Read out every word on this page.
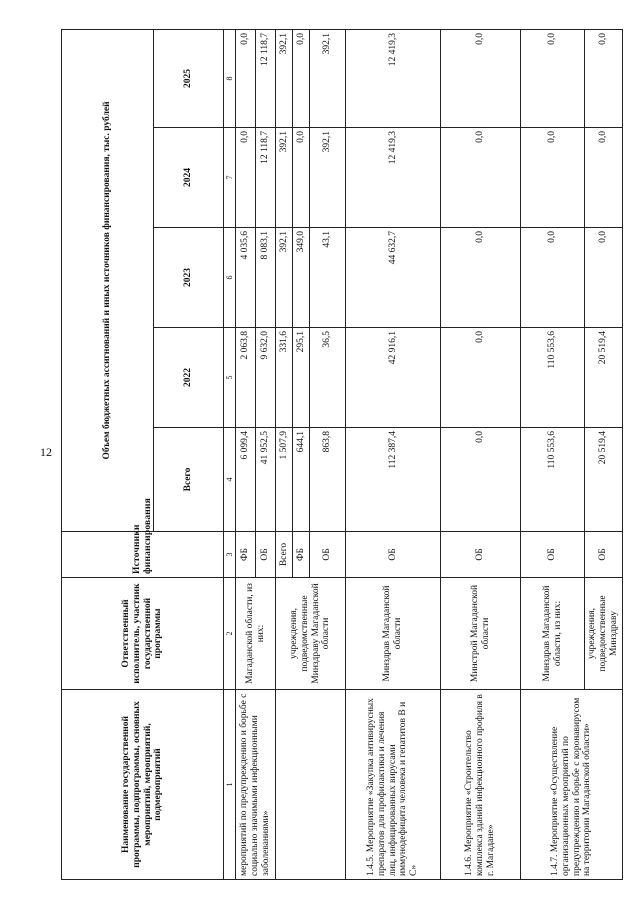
12
Наименование государственной программы, подпрограммы, основных мероприятий, мероприятий, подмероприятий	Ответственный исполнитель, участник государственной программы	Источники финансирования	Объем бюджетных ассигнований и иных источников финансирования, тыс. рублей				
			Всего	2022	2023	2024	2025
1	2	3	4	5	6	7	8
мероприятий по предупреждению и борьбе с социально значимыми инфекционными заболеваниями»	Магаданской области, из них:	ФБ	6 099,4	2 063,8	4 035,6	0,0	0,0
		ОБ	41 952,5	9 632,0	8 083,1	12 118,7	12 118,7
	учреждения, подведомственные Минздраву Магаданской области	Всего	1 507,9	331,6	392,1	392,1	392,1
		ФБ	644,1	295,1	349,0	0,0	0,0
		ОБ	863,8	36,5	43,1	392,1	392,1
1.4.5. Мероприятие «Закупка антивирусных препаратов для профилактики и лечения лиц, инфицированных вирусами иммунодефицита человека и гепатитов В и С»	Минздрав Магаданской области	ОБ	112 387,4	42 916,1	44 632,7	12 419,3	12 419,3
1.4.6. Мероприятие «Строительство комплекса зданий инфекционного профиля в г. Магадане»	Минстрой Магаданской области	ОБ	0,0	0,0	0,0	0,0	0,0
1.4.7. Мероприятие «Осуществление организационных мероприятий по предупреждению и борьбе с коронавирусом на территории Магаданской области»	Минздрав Магаданской области, из них:	ОБ	110 553,6	110 553,6	0,0	0,0	0,0
	учреждения, подведомственные Минздраву	ОБ	20 519,4	20 519,4	0,0	0,0	0,0
